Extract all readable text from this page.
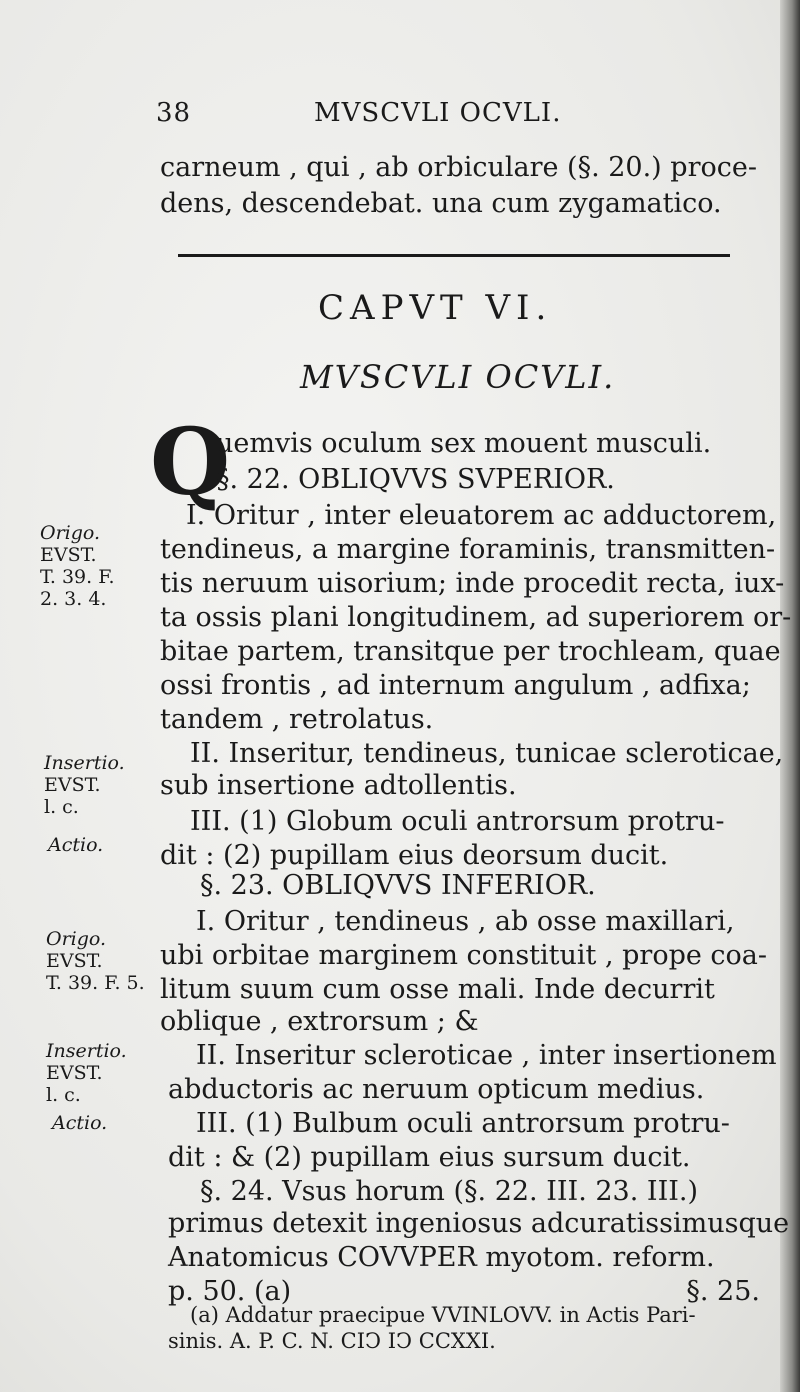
38	MVSCVLI OCVLI.
carneum , qui , ab orbiculare (§. 20.) proce-
dens, descendebat. una cum zygamatico.
CAPVT VI.
MVSCVLI OCVLI.
Q
uemvis oculum sex mouent musculi.
§. 22. OBLIQVVS SVPERIOR.
I. Oritur , inter eleuatorem ac adductorem,
tendineus, a margine foraminis, transmitten-
tis neruum uisorium; inde procedit recta, iux-
ta ossis plani longitudinem, ad superiorem or-
bitae partem, transitque per trochleam, quae
ossi frontis , ad internum angulum , adfixa;
tandem , retrolatus.
II. Inseritur, tendineus, tunicae scleroticae,
sub insertione adtollentis.
III. (1) Globum oculi antrorsum protru-
dit : (2) pupillam eius deorsum ducit.
§. 23. OBLIQVVS INFERIOR.
I. Oritur , tendineus , ab osse maxillari,
ubi orbitae marginem constituit , prope coa-
litum suum cum osse mali. Inde decurrit
oblique , extrorsum ; &
II. Inseritur scleroticae , inter insertionem
abductoris ac neruum opticum medius.
III. (1) Bulbum oculi antrorsum protru-
dit : & (2) pupillam eius sursum ducit.
§. 24. Vsus horum (§. 22. III. 23. III.)
primus detexit ingeniosus adcuratissimusque
Anatomicus COVVPER myotom. reform.
p. 50. (a)	§. 25.
(a) Addatur praecipue VVINLOVV. in Actis Pari-
sinis. A. P. C. N. CIↃ IↃ CCXXI.
Origo.
EVST.
T. 39. F.
2. 3. 4.
Insertio.
EVST.
l. c.
Actio.
Origo.
EVST.
T. 39. F. 5.
Insertio.
EVST.
l. c.
Actio.
